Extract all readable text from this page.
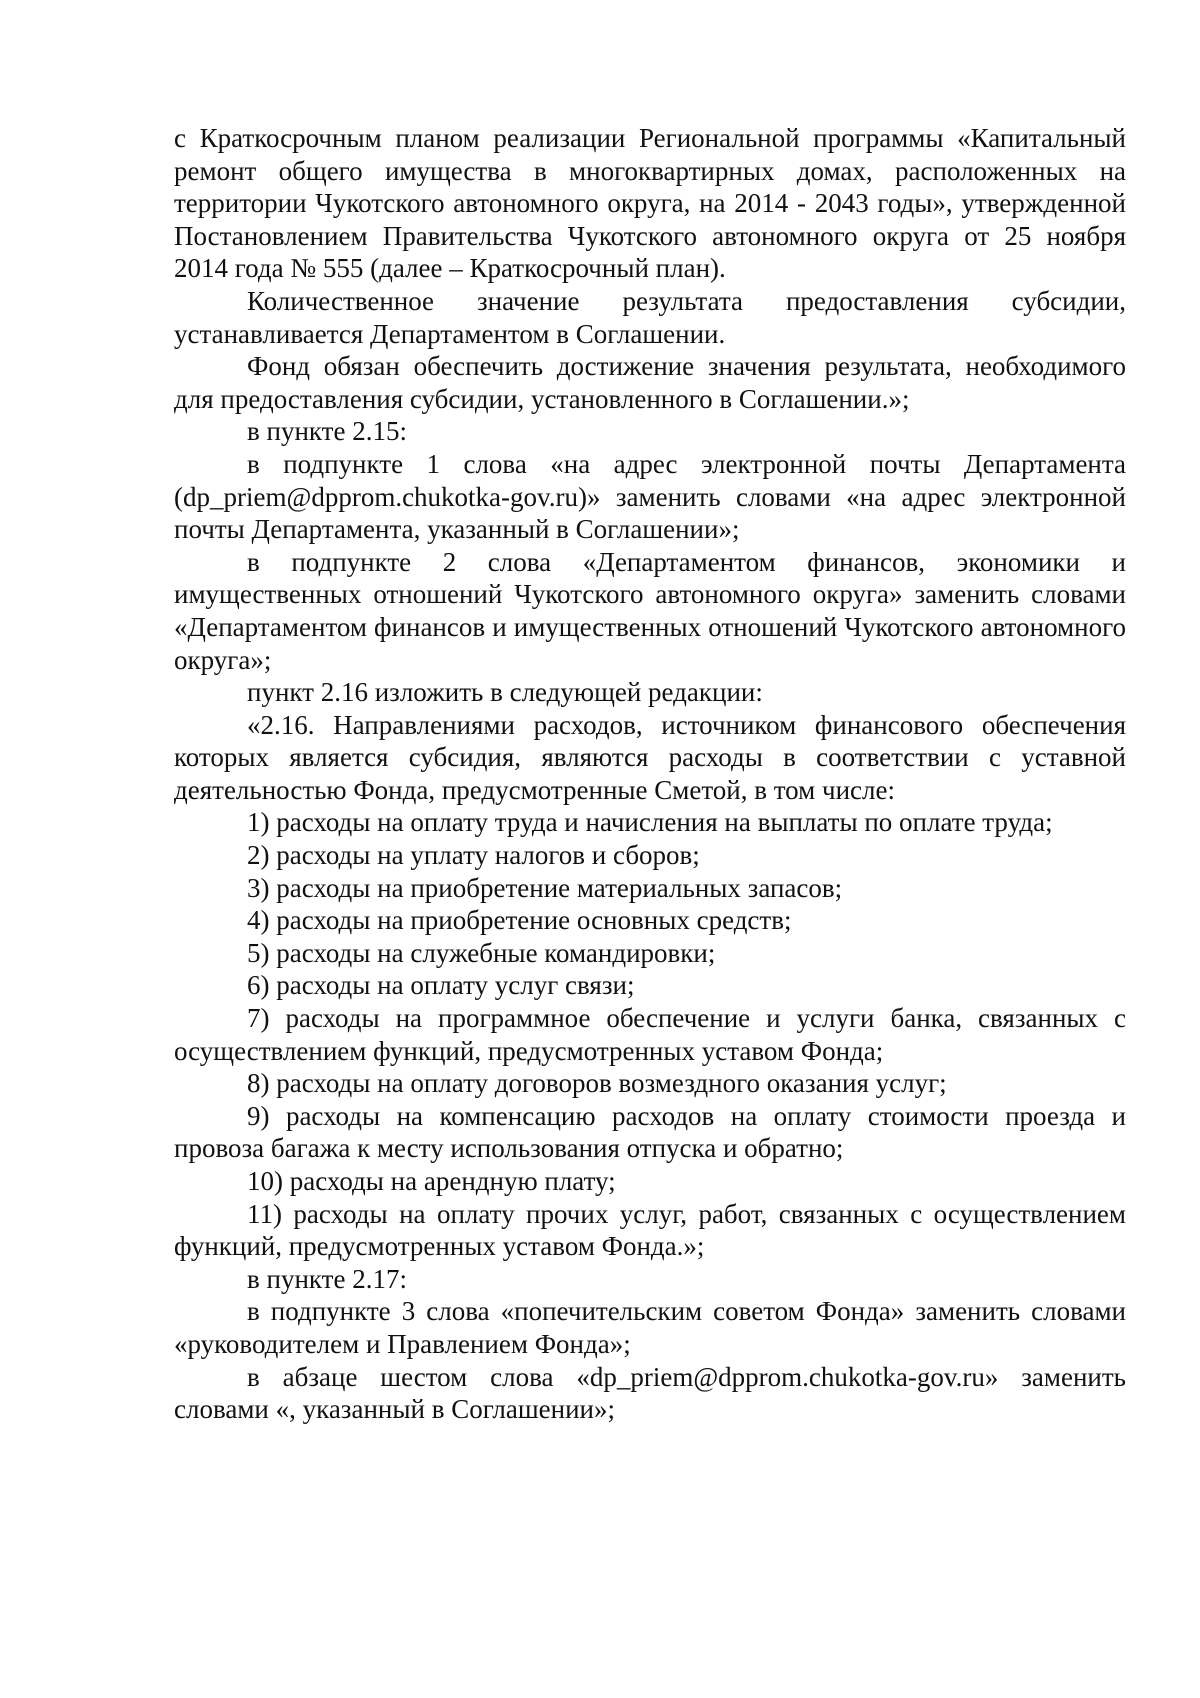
с Краткосрочным планом реализации Региональной программы «Капитальный ремонт общего имущества в многоквартирных домах, расположенных на территории Чукотского автономного округа, на 2014 - 2043 годы», утвержденной Постановлением Правительства Чукотского автономного округа от 25 ноября 2014 года № 555 (далее – Краткосрочный план).

Количественное значение результата предоставления субсидии, устанавливается Департаментом в Соглашении.

Фонд обязан обеспечить достижение значения результата, необходимого для предоставления субсидии, установленного в Соглашении.»;

в пункте 2.15:

в подпункте 1 слова «на адрес электронной почты Департамента (dp_priem@dpprom.chukotka-gov.ru)» заменить словами «на адрес электронной почты Департамента, указанный в Соглашении»;

в подпункте 2 слова «Департаментом финансов, экономики и имущественных отношений Чукотского автономного округа» заменить словами «Департаментом финансов и имущественных отношений Чукотского автономного округа»;

пункт 2.16 изложить в следующей редакции:

«2.16. Направлениями расходов, источником финансового обеспечения которых является субсидия, являются расходы в соответствии с уставной деятельностью Фонда, предусмотренные Сметой, в том числе:

1) расходы на оплату труда и начисления на выплаты по оплате труда;

2) расходы на уплату налогов и сборов;

3) расходы на приобретение материальных запасов;

4) расходы на приобретение основных средств;

5) расходы на служебные командировки;

6) расходы на оплату услуг связи;

7) расходы на программное обеспечение и услуги банка, связанных с осуществлением функций, предусмотренных уставом Фонда;

8) расходы на оплату договоров возмездного оказания услуг;

9) расходы на компенсацию расходов на оплату стоимости проезда и провоза багажа к месту использования отпуска и обратно;

10) расходы на арендную плату;

11) расходы на оплату прочих услуг, работ, связанных с осуществлением функций, предусмотренных уставом Фонда.»;

в пункте 2.17:

в подпункте 3 слова «попечительским советом Фонда» заменить словами «руководителем и Правлением Фонда»;

в абзаце шестом слова «dp_priem@dpprom.chukotka-gov.ru» заменить словами «, указанный в Соглашении»;
